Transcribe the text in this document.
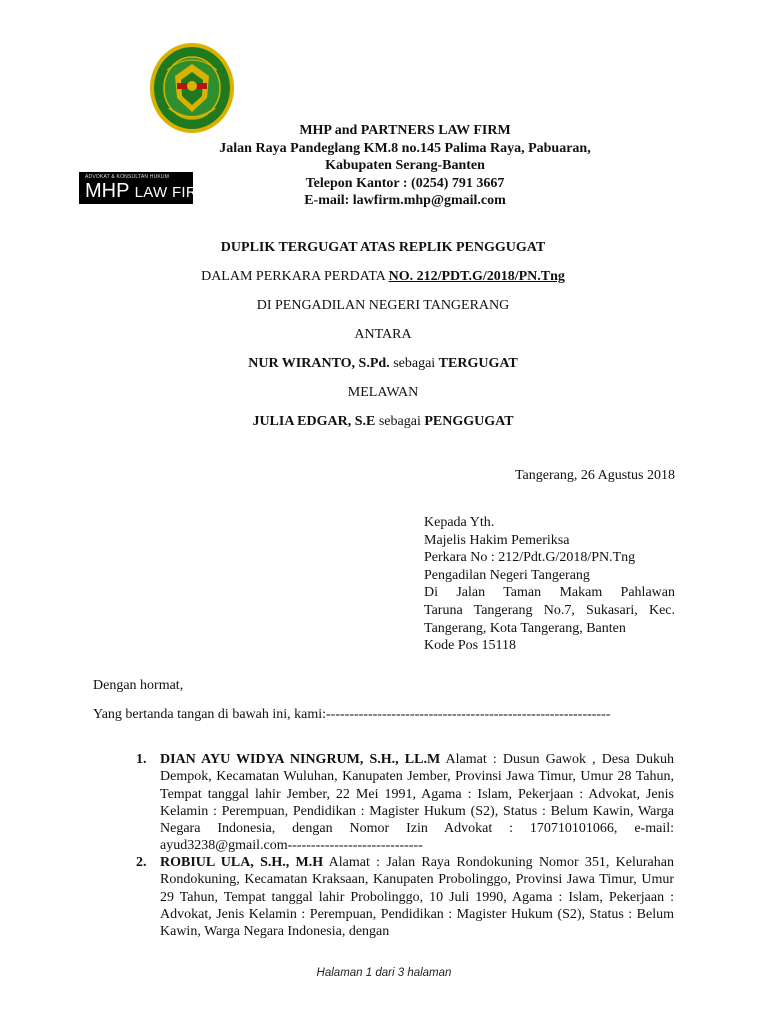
ADVOKAT & KONSULTAN HUKUM
MHP LAW FIRM
MHP and PARTNERS LAW FIRM
Jalan Raya Pandeglang KM.8 no.145 Palima Raya, Pabuaran,
Kabupaten Serang-Banten
Telepon Kantor : (0254) 791 3667
E-mail: lawfirm.mhp@gmail.com
DUPLIK TERGUGAT ATAS REPLIK PENGGUGAT
DALAM PERKARA PERDATA NO. 212/PDT.G/2018/PN.Tng
DI PENGADILAN NEGERI TANGERANG
ANTARA
NUR WIRANTO, S.Pd. sebagai TERGUGAT
MELAWAN
JULIA EDGAR, S.E sebagai PENGGUGAT
Tangerang, 26 Agustus 2018
Kepada Yth.
Majelis Hakim Pemeriksa
Perkara No : 212/Pdt.G/2018/PN.Tng
Pengadilan Negeri Tangerang
Di Jalan Taman Makam Pahlawan
Taruna Tangerang No.7, Sukasari, Kec.
Tangerang, Kota Tangerang, Banten
Kode Pos 15118
Dengan hormat,
Yang bertanda tangan di bawah ini, kami:-------------------------------------------------------------
1. DIAN AYU WIDYA NINGRUM, S.H., LL.M Alamat : Dusun Gawok , Desa Dukuh Dempok, Kecamatan Wuluhan, Kanupaten Jember, Provinsi Jawa Timur, Umur 28 Tahun, Tempat tanggal lahir Jember, 22 Mei 1991, Agama : Islam, Pekerjaan : Advokat, Jenis Kelamin : Perempuan, Pendidikan : Magister Hukum (S2), Status : Belum Kawin, Warga Negara Indonesia, dengan Nomor Izin Advokat : 170710101066, e-mail: ayud3238@gmail.com-----------------------------
2. ROBIUL ULA, S.H., M.H Alamat : Jalan Raya Rondokuning Nomor 351, Kelurahan Rondokuning, Kecamatan Kraksaan, Kanupaten Probolinggo, Provinsi Jawa Timur, Umur 29 Tahun, Tempat tanggal lahir Probolinggo, 10 Juli 1990, Agama : Islam, Pekerjaan : Advokat, Jenis Kelamin : Perempuan, Pendidikan : Magister Hukum (S2), Status : Belum Kawin, Warga Negara Indonesia, dengan
Halaman 1 dari 3 halaman
